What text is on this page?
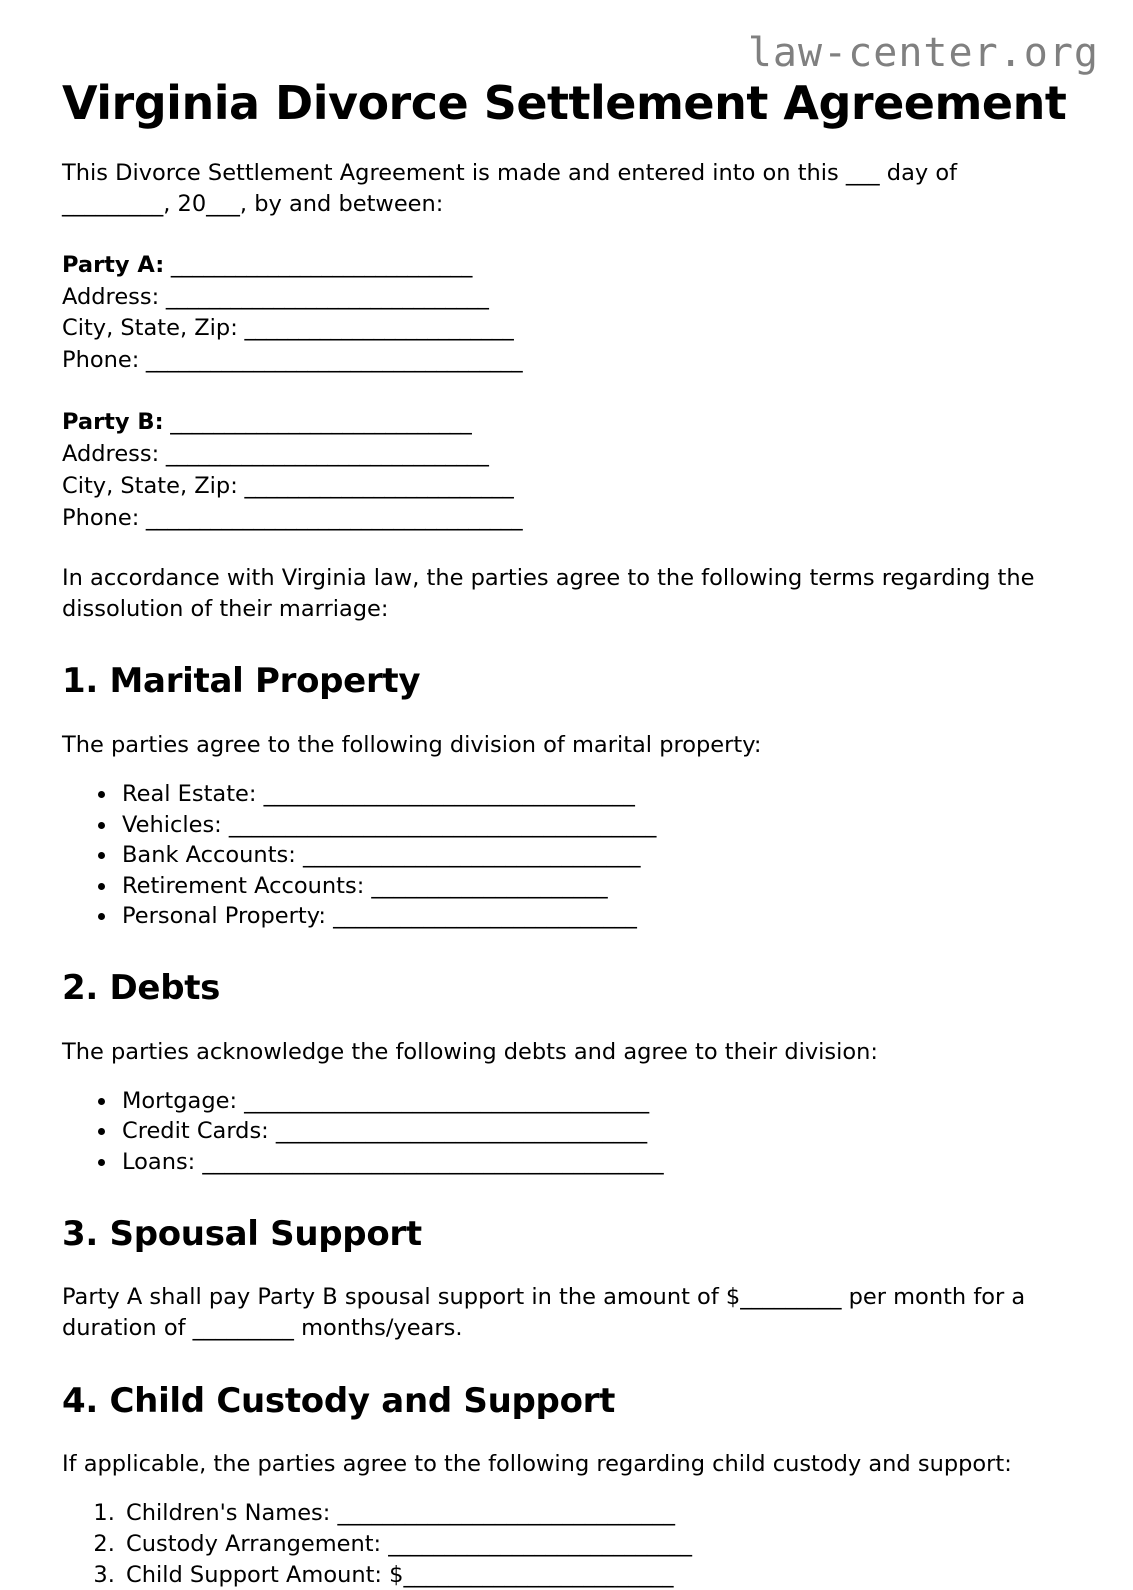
law-center.org
Virginia Divorce Settlement Agreement

This Divorce Settlement Agreement is made and entered into on this ___ day of _________, 20___, by and between:

Party A: ____________________________
Address: ______________________________
City, State, Zip: _________________________
Phone: ___________________________________
Party B: ____________________________
Address: ______________________________
City, State, Zip: _________________________
Phone: ___________________________________

In accordance with Virginia law, the parties agree to the following terms regarding the dissolution of their marriage:

1. Marital Property

The parties agree to the following division of marital property:

• Real Estate: _________________________________
• Vehicles: ______________________________________
• Bank Accounts: ______________________________
• Retirement Accounts: _____________________
• Personal Property: ___________________________
2. Debts

The parties acknowledge the following debts and agree to their division:

• Mortgage: ____________________________________
• Credit Cards: _________________________________
• Loans: _________________________________________
3. Spousal Support

Party A shall pay Party B spousal support in the amount of $_________ per month for a duration of _________ months/years.

4. Child Custody and Support

If applicable, the parties agree to the following regarding child custody and support:

1. Children's Names: ______________________________
2. Custody Arrangement: ___________________________
3. Child Support Amount: $________________________
